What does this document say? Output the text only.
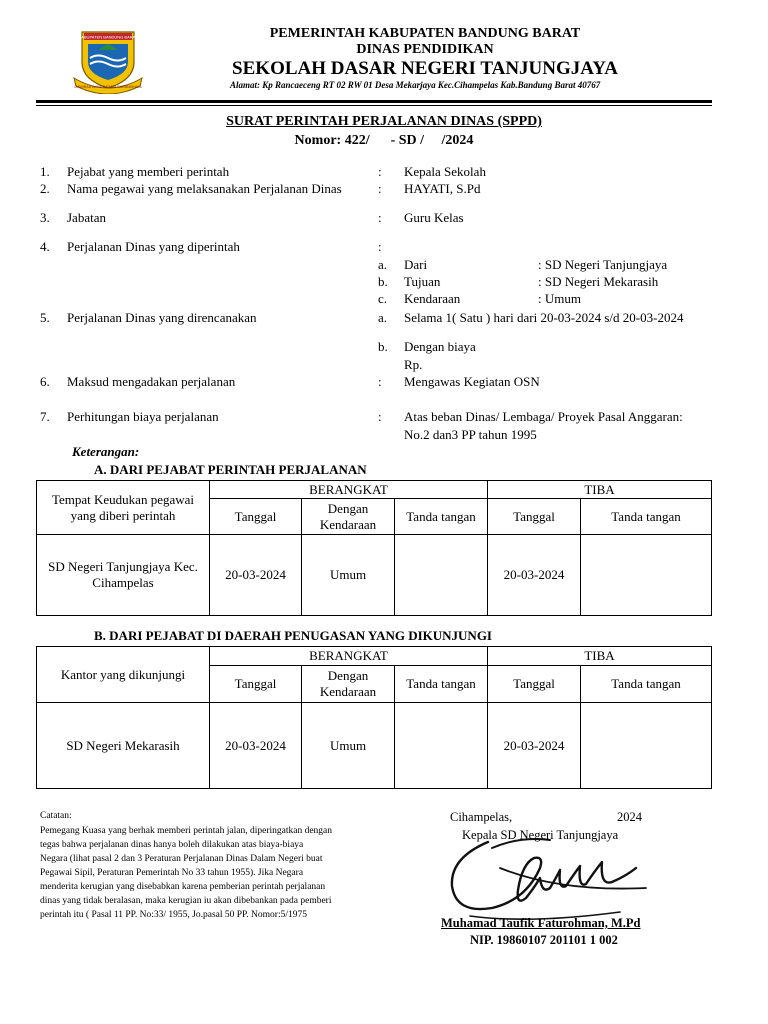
KABUPATEN BANDUNG BARAT
GAWIRAH AKIYEKARATA SARANGKALA
PEMERINTAH KABUPATEN BANDUNG BARAT
DINAS PENDIDIKAN
SEKOLAH DASAR NEGERI TANJUNGJAYA
Alamat: Kp Rancaeceng RT 02 RW 01 Desa Mekarjaya Kec.Cihampelas Kab.Bandung Barat 40767
SURAT PERINTAH PERJALANAN DINAS (SPPD)
Nomor: 422/      - SD /     /2024
1. Pejabat yang memberi perintah	: Kepala Sekolah
2. Nama pegawai yang melaksanakan Perjalanan Dinas	: HAYATI, S.Pd
3. Jabatan	: Guru Kelas
4. Perjalanan Dinas yang diperintah	:
a. Dari	: SD Negeri Tanjungjaya
b. Tujuan	: SD Negeri Mekarasih
c. Kendaraan	: Umum
5. Perjalanan Dinas yang direncanakan	a. Selama 1( Satu ) hari dari 20-03-2024 s/d 20-03-2024
b. Dengan biaya
Rp.
6. Maksud mengadakan perjalanan	: Mengawas Kegiatan OSN
7. Perhitungan biaya perjalanan	: Atas beban Dinas/ Lembaga/ Proyek Pasal Anggaran:
No.2 dan3 PP tahun 1995
Keterangan:
A. DARI PEJABAT PERINTAH PERJALANAN
Tempat Keudukan pegawai yang diberi perintah	BERANGKAT			TIBA	
	Tanggal	Dengan Kendaraan	Tanda tangan	Tanggal	Tanda tangan
SD Negeri Tanjungjaya Kec. Cihampelas	20-03-2024	Umum		20-03-2024	
B. DARI PEJABAT DI DAERAH PENUGASAN YANG DIKUNJUNGI
Kantor yang dikunjungi	BERANGKAT			TIBA	
	Tanggal	Dengan Kendaraan	Tanda tangan	Tanggal	Tanda tangan
SD Negeri Mekarasih	20-03-2024	Umum		20-03-2024	
Catatan:
Pemegang Kuasa yang berhak memberi perintah jalan, diperingatkan dengan
tegas bahwa perjalanan dinas hanya boleh dilakukan atas biaya-biaya
Negara (lihat pasal 2 dan 3 Peraturan Perjalanan Dinas Dalam Negeri buat
Pegawai Sipil, Peraturan Pemerintah No 33 tahun 1955). Jika Negara
menderita kerugian yang disebabkan karena pemberian perintah perjalanan
dinas yang tidak beralasan, maka kerugian iu akan dibebankan pada pemberi
perintah itu ( Pasal 11 PP. No:33/ 1955, Jo.pasal 50 PP. Nomor:5/1975
Cihampelas,	2024
Kepala SD Negeri Tanjungjaya
Muhamad Taufik Faturohman, M.Pd
NIP. 19860107 201101 1 002
